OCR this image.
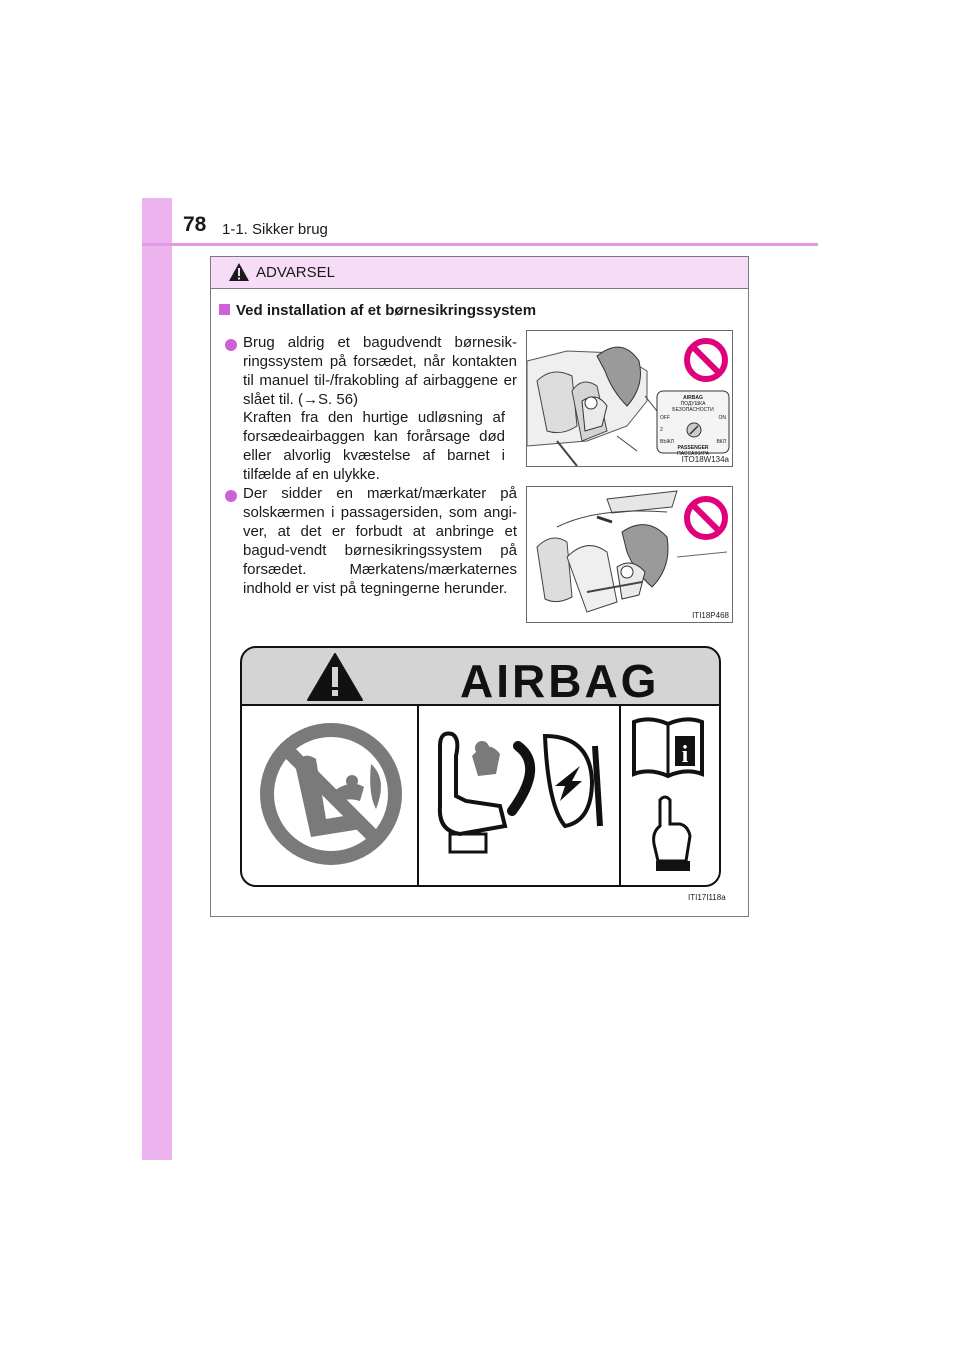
78 1-1. Sikker brug
ADVARSEL
Ved installation af et børnesikringssystem
Brug aldrig et bagudvendt børnesik-ringssystem på forsædet, når kontakten til manuel til-/frakobling af airbaggene er slået til. (→S. 56)
Kraften fra den hurtige udløsning af forsædeairbaggen kan forårsage død eller alvorlig kvæstelse af barnet i tilfælde af en ulykke.
AIRBAG
ПОДУШКА БЕЗОПАСНОСТИ
OFF	ON
2

ВЫКЛ	ВКЛ
PASSENGER
ПАССАЖИРА
ITO18W134a
Der sidder en mærkat/mærkater på solskærmen i passagersiden, som angi-ver, at det er forbudt at anbringe et bagud-vendt børnesikringssystem på forsædet. Mærkatens/mærkaternes indhold er vist på tegningerne herunder.
ITI18P468
AIRBAG
i
ITI17I118a
